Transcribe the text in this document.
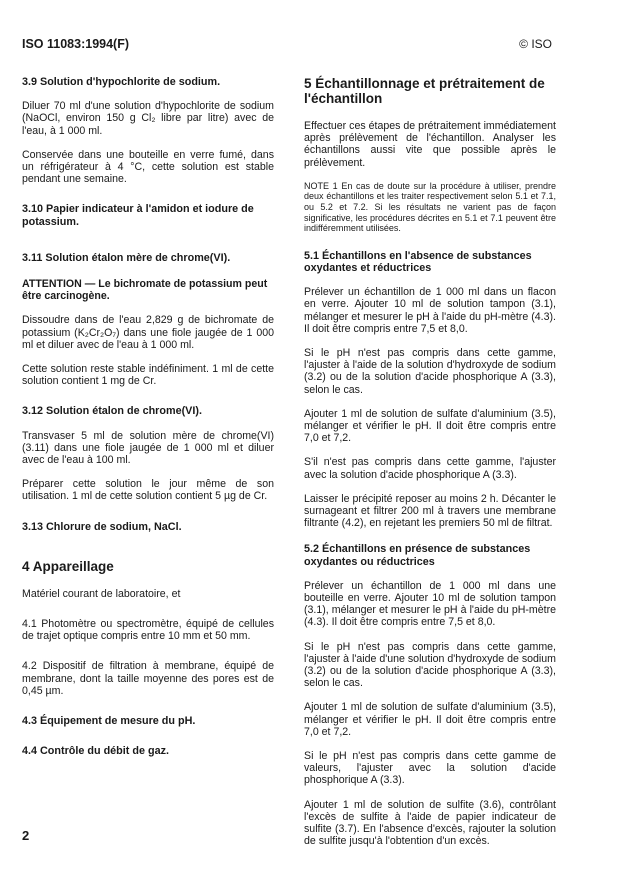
ISO 11083:1994(F)	© ISO
3.9 Solution d'hypochlorite de sodium.

Diluer 70 ml d'une solution d'hypochlorite de sodium (NaOCl, environ 150 g Cl₂ libre par litre) avec de l'eau, à 1 000 ml.

Conservée dans une bouteille en verre fumé, dans un réfrigérateur à 4 °C, cette solution est stable pendant une semaine.

3.10 Papier indicateur à l'amidon et iodure de potassium.
3.11 Solution étalon mère de chrome(VI).
ATTENTION — Le bichromate de potassium peut être carcinogène.

Dissoudre dans de l'eau 2,829 g de bichromate de potassium (K₂Cr₂O₇) dans une fiole jaugée de 1 000 ml et diluer avec de l'eau à 1 000 ml.

Cette solution reste stable indéfiniment. 1 ml de cette solution contient 1 mg de Cr.

3.12 Solution étalon de chrome(VI).

Transvaser 5 ml de solution mère de chrome(VI) (3.11) dans une fiole jaugée de 1 000 ml et diluer avec de l'eau à 100 ml.

Préparer cette solution le jour même de son utilisation. 1 ml de cette solution contient 5 µg de Cr.

3.13 Chlorure de sodium, NaCl.
4 Appareillage

Matériel courant de laboratoire, et

4.1 Photomètre ou spectromètre, équipé de cellules de trajet optique compris entre 10 mm et 50 mm.

4.2 Dispositif de filtration à membrane, équipé de membrane, dont la taille moyenne des pores est de 0,45 µm.

4.3 Équipement de mesure du pH.
4.4 Contrôle du débit de gaz.
5 Échantillonnage et prétraitement de l'échantillon

Effectuer ces étapes de prétraitement immédiatement après prélèvement de l'échantillon. Analyser les échantillons aussi vite que possible après le prélèvement.

NOTE 1 En cas de doute sur la procédure à utiliser, prendre deux échantillons et les traiter respectivement selon 5.1 et 7.1, ou 5.2 et 7.2. Si les résultats ne varient pas de façon significative, les procédures décrites en 5.1 et 7.1 peuvent être indifféremment utilisées.
5.1 Échantillons en l'absence de substances oxydantes et réductrices

Prélever un échantillon de 1 000 ml dans un flacon en verre. Ajouter 10 ml de solution tampon (3.1), mélanger et mesurer le pH à l'aide du pH-mètre (4.3). Il doit être compris entre 7,5 et 8,0.

Si le pH n'est pas compris dans cette gamme, l'ajuster à l'aide de la solution d'hydroxyde de sodium (3.2) ou de la solution d'acide phosphorique A (3.3), selon le cas.

Ajouter 1 ml de solution de sulfate d'aluminium (3.5), mélanger et vérifier le pH. Il doit être compris entre 7,0 et 7,2.

S'il n'est pas compris dans cette gamme, l'ajuster avec la solution d'acide phosphorique A (3.3).

Laisser le précipité reposer au moins 2 h. Décanter le surnageant et filtrer 200 ml à travers une membrane filtrante (4.2), en rejetant les premiers 50 ml de filtrat.

5.2 Échantillons en présence de substances oxydantes ou réductrices

Prélever un échantillon de 1 000 ml dans une bouteille en verre. Ajouter 10 ml de solution tampon (3.1), mélanger et mesurer le pH à l'aide du pH-mètre (4.3). Il doit être compris entre 7,5 et 8,0.

Si le pH n'est pas compris dans cette gamme, l'ajuster à l'aide d'une solution d'hydroxyde de sodium (3.2) ou de la solution d'acide phosphorique A (3.3), selon le cas.

Ajouter 1 ml de solution de sulfate d'aluminium (3.5), mélanger et vérifier le pH. Il doit être compris entre 7,0 et 7,2.

Si le pH n'est pas compris dans cette gamme de valeurs, l'ajuster avec la solution d'acide phosphorique A (3.3).

Ajouter 1 ml de solution de sulfite (3.6), contrôlant l'excès de sulfite à l'aide de papier indicateur de sulfite (3.7). En l'absence d'excès, rajouter la solution de sulfite jusqu'à l'obtention d'un excès.

2
